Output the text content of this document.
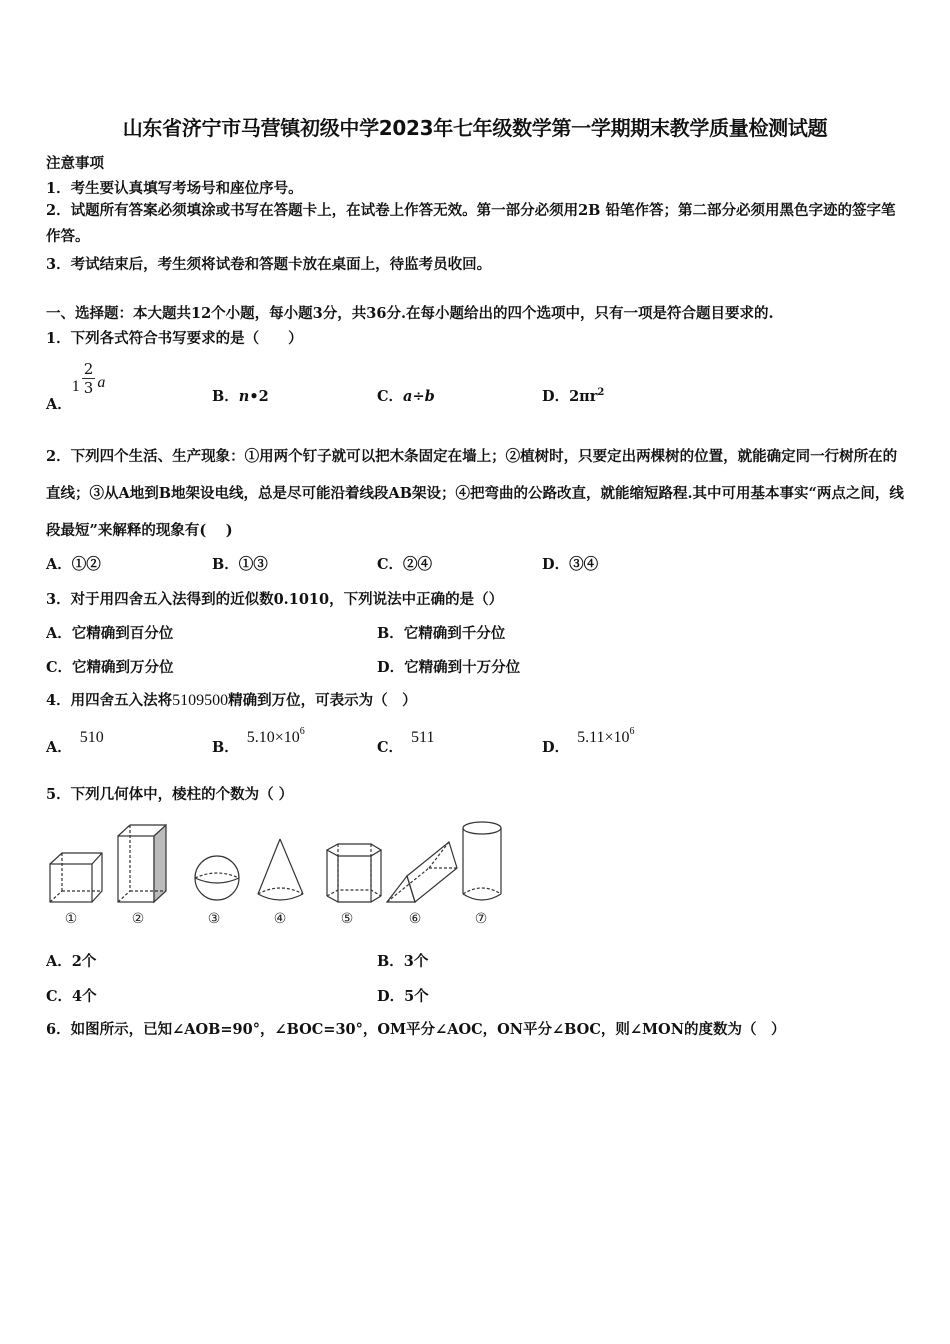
山东省济宁市马营镇初级中学2023年七年级数学第一学期期末教学质量检测试题
注意事项
1．考生要认真填写考场号和座位序号。
2．试题所有答案必须填涂或书写在答题卡上，在试卷上作答无效。第一部分必须用2B 铅笔作答；第二部分必须用黑色字迹的签字笔作答。
3．考试结束后，考生须将试卷和答题卡放在桌面上，待监考员收回。
一、选择题：本大题共12个小题，每小题3分，共36分.在每小题给出的四个选项中，只有一项是符合题目要求的.
1．下列各式符合书写要求的是（　　）
A．$1 \frac{2}{3}$ a
B．n•2	C．a÷b	D．$2\pi r^2$
2．下列四个生活、生产现象：①用两个钉子就可以把木条固定在墙上；②植树时，只要定出两棵树的位置，就能确定同一行树所在的直线；③从A地到B地架设电线，总是尽可能沿着线段AB架设；④把弯曲的公路改直，就能缩短路程.其中可用基本事实“两点之间，线段最短”来解释的现象有(　 )
A．①②	B．①③	C．②④	D．③④
3．对于用四舍五入法得到的近似数0.1010，下列说法中正确的是（）
A．它精确到百分位	B．它精确到千分位
C．它精确到万分位	D．它精确到十万分位
4．用四舍五入法将5109500精确到万位，可表示为（　）
A．510
B．$5.10\times 10^6$
C．511
D．$5.11\times 10^6$
5．下列几何体中，棱柱的个数为（ ）
①	②	③	④	⑤	⑥	⑦
A．2个	B．3个
C．4个	D．5个
6．如图所示，已知∠AOB=90°，∠BOC=30°，OM平分∠AOC，ON平分∠BOC，则∠MON的度数为（　）
